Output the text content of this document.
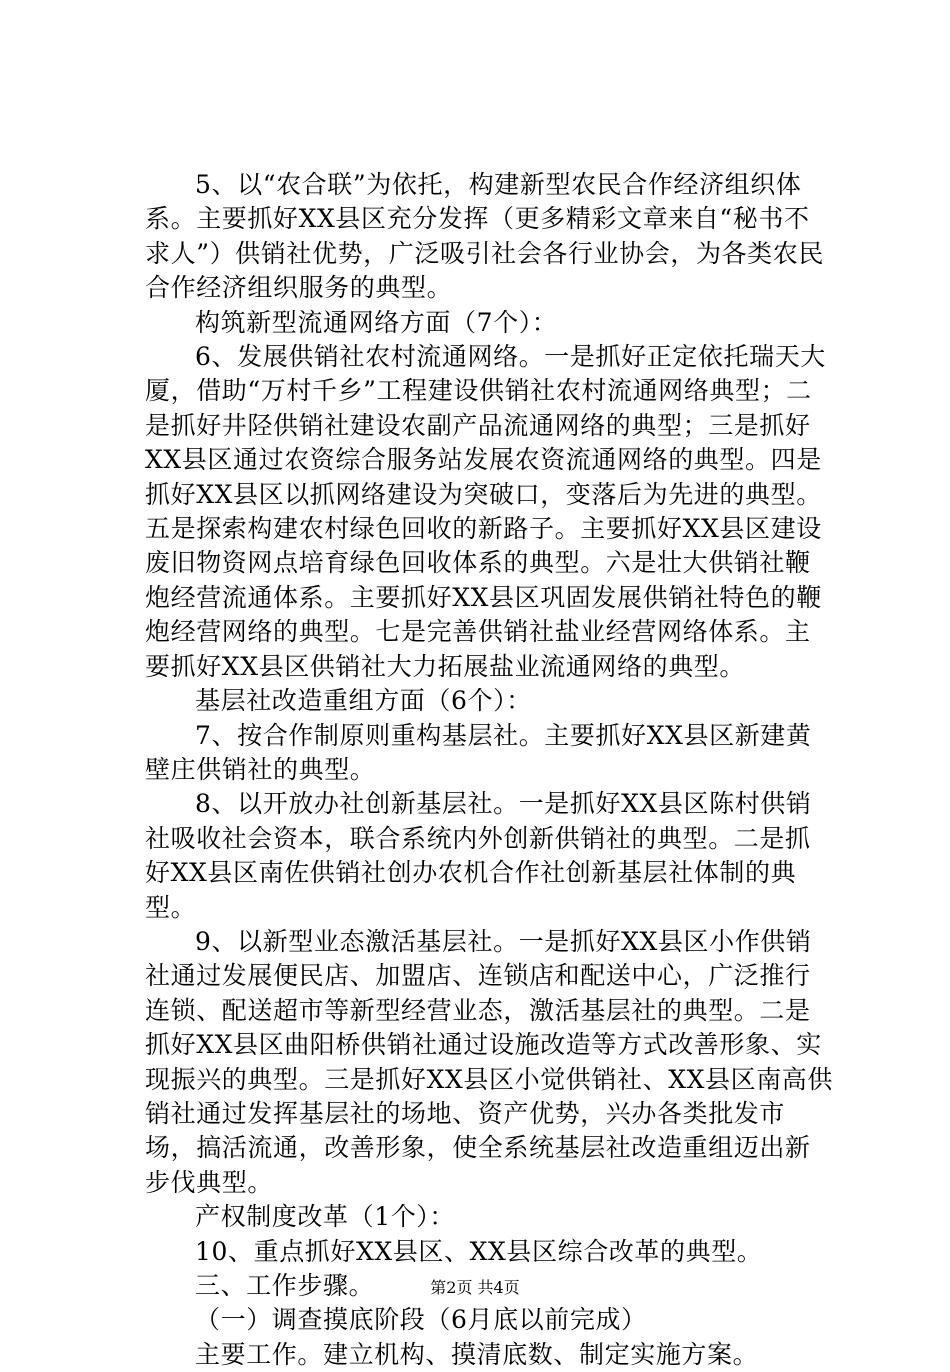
5、以“农合联”为依托，构建新型农民合作经济组织体系。主要抓好XX县区充分发挥（更多精彩文章来自“秘书不求人”）供销社优势，广泛吸引社会各行业协会，为各类农民合作经济组织服务的典型。

构筑新型流通网络方面（7个）：

6、发展供销社农村流通网络。一是抓好正定依托瑞天大厦，借助“万村千乡”工程建设供销社农村流通网络典型；二是抓好井陉供销社建设农副产品流通网络的典型；三是抓好XX县区通过农资综合服务站发展农资流通网络的典型。四是抓好XX县区以抓网络建设为突破口，变落后为先进的典型。五是探索构建农村绿色回收的新路子。主要抓好XX县区建设废旧物资网点培育绿色回收体系的典型。六是壮大供销社鞭炮经营流通体系。主要抓好XX县区巩固发展供销社特色的鞭炮经营网络的典型。七是完善供销社盐业经营网络体系。主要抓好XX县区供销社大力拓展盐业流通网络的典型。

基层社改造重组方面（6个）：

7、按合作制原则重构基层社。主要抓好XX县区新建黄壁庄供销社的典型。

8、以开放办社创新基层社。一是抓好XX县区陈村供销社吸收社会资本，联合系统内外创新供销社的典型。二是抓好XX县区南佐供销社创办农机合作社创新基层社体制的典型。

9、以新型业态激活基层社。一是抓好XX县区小作供销社通过发展便民店、加盟店、连锁店和配送中心，广泛推行连锁、配送超市等新型经营业态，激活基层社的典型。二是抓好XX县区曲阳桥供销社通过设施改造等方式改善形象、实现振兴的典型。三是抓好XX县区小觉供销社、XX县区南高供销社通过发挥基层社的场地、资产优势，兴办各类批发市场，搞活流通，改善形象，使全系统基层社改造重组迈出新步伐典型。

产权制度改革（1个）：

10、重点抓好XX县区、XX县区综合改革的典型。

三、工作步骤。

（一）调查摸底阶段（6月底以前完成）

主要工作。建立机构、摸清底数、制定实施方案。

第2页 共4页
